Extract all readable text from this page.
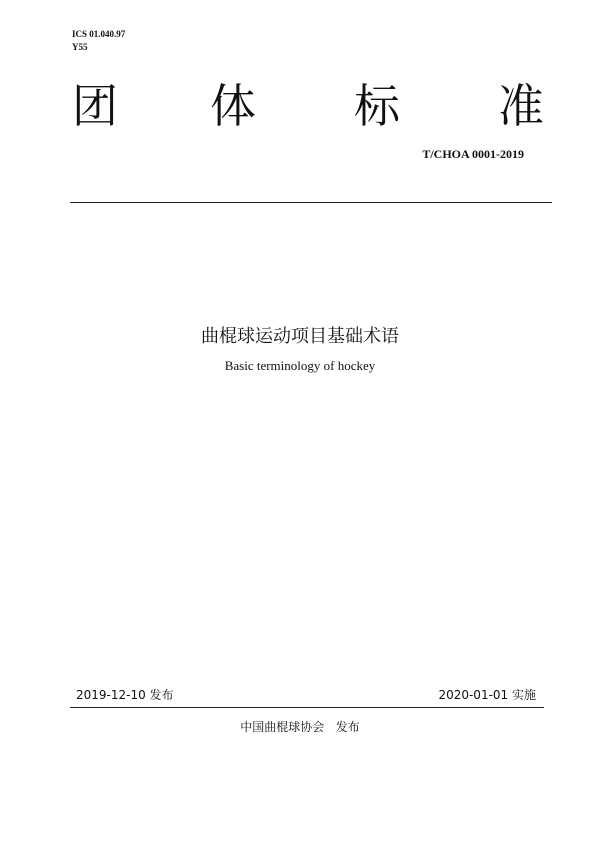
ICS 01.040.97
Y55
团 体 标 准
T/CHOA 0001-2019
曲棍球运动项目基础术语
Basic terminology of hockey
2019-12-10 发布	2020-01-01 实施
中国曲棍球协会   发布
